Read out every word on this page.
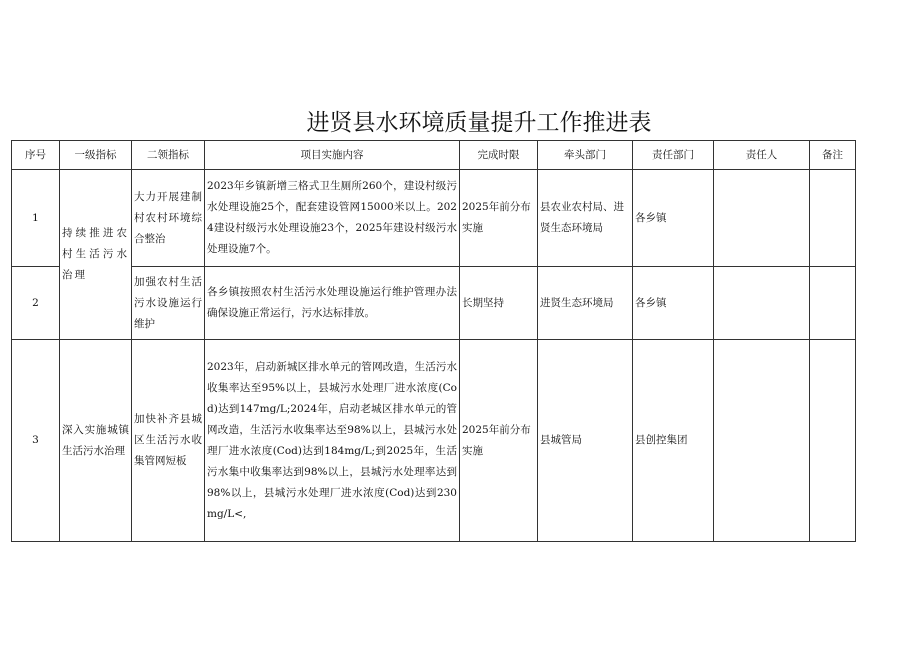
进贤县水环境质量提升工作推进表
序号	一级指标	二领指标	项目实施内容	完成时限	牵头部门	责任部门	责任人	备注
1	持续推进农村生活污水治理	大力开展建制村农村环境综合整治	2023年乡镇新增三格式卫生厕所260个，建设村级污水处理设施25个，配套建设管网15000米以上。2024建设村级污水处理设施23个，2025年建设村级污水处理设施7个。	2025年前分布实施	县农业农村局、进贤生态环境局	各乡镇		
2		加强农村生活污水设施运行维护	各乡镇按照农村生活污水处理设施运行维护管理办法确保设施正常运行，污水达标排放。	长期坚持	进贤生态环境局	各乡镇		
3	深入实施城镇生活污水治理	加快补齐县城区生活污水收集管网短板	2023年，启动新城区排水单元的管网改造，生活污水收集率达至95%以上，县城污水处理厂进水浓度(Cod)达到147mg/L;2024年，启动老城区排水单元的管网改造，生活污水收集率达至98%以上，县城污水处理厂进水浓度(Cod)达到184mg/L;到2025年，生活污水集中收集率达到98%以上，县城污水处理率达到98%以上，县城污水处理厂进水浓度(Cod)达到230mg/L<,	2025年前分布实施	县城管局	县创控集团		
